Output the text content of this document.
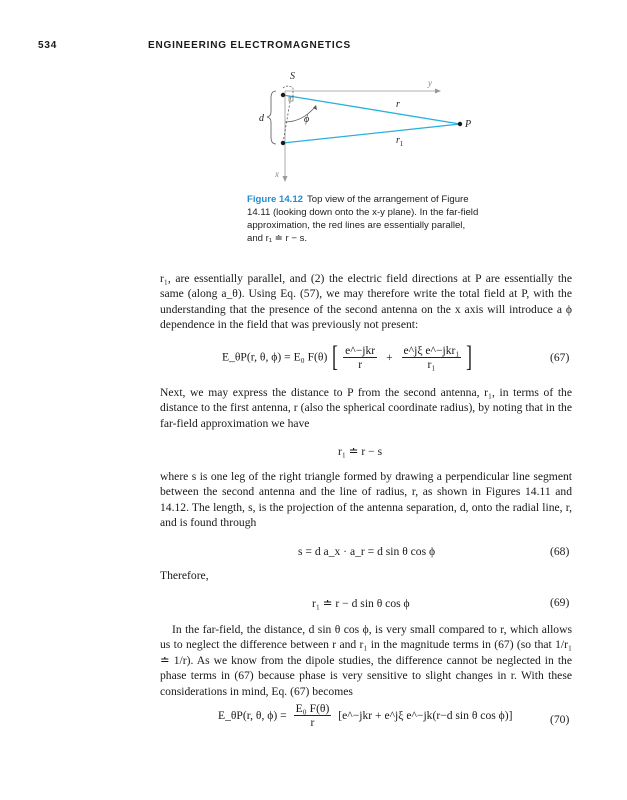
534	ENGINEERING ELECTROMAGNETICS
S
y
r
$r_1$
P
d	ϕ
x
Figure 14.12 Top view of the arrangement of Figure 14.11 (looking down onto the x-y plane). In the far-field approximation, the red lines are essentially parallel, and r₁ ≐ r − s.
r₁, are essentially parallel, and (2) the electric field directions at P are essentially the same (along a_θ). Using Eq. (57), we may therefore write the total field at P, with the understanding that the presence of the second antenna on the x axis will introduce a ϕ dependence in the field that was previously not present:
E_θP(r, θ, ϕ) = E₀ F(θ) [ $\frac{\text{e\textasciicircum{}−jkr}}{r} + \frac{\text{e\textasciicircum{}jξ e\textasciicircum{}−jkr₁}}{\text{r₁}}$ ]	(67)
Next, we may express the distance to P from the second antenna, r₁, in terms of the distance to the first antenna, r (also the spherical coordinate radius), by noting that in the far-field approximation we have
r₁ ≐ r − s
where s is one leg of the right triangle formed by drawing a perpendicular line segment between the second antenna and the line of radius, r, as shown in Figures 14.11 and 14.12. The length, s, is the projection of the antenna separation, d, onto the radial line, r, and is found through
s = d a_x · a_r = d sin θ cos ϕ	(68)
Therefore,
r₁ ≐ r − d sin θ cos ϕ	(69)
In the far-field, the distance, d sin θ cos ϕ, is very small compared to r, which allows us to neglect the difference between r and r₁ in the magnitude terms in (67) (so that 1/r₁ ≐ 1/r). As we know from the dipole studies, the difference cannot be neglected in the phase terms in (67) because phase is very sensitive to slight changes in r. With these considerations in mind, Eq. (67) becomes
E_θP(r, θ, $\phi) = \frac{\text{E₀ F(θ)}}{r}$ [e^−jkr + e^jξ e^−jk(r−d sin θ cos ϕ)]	(70)
